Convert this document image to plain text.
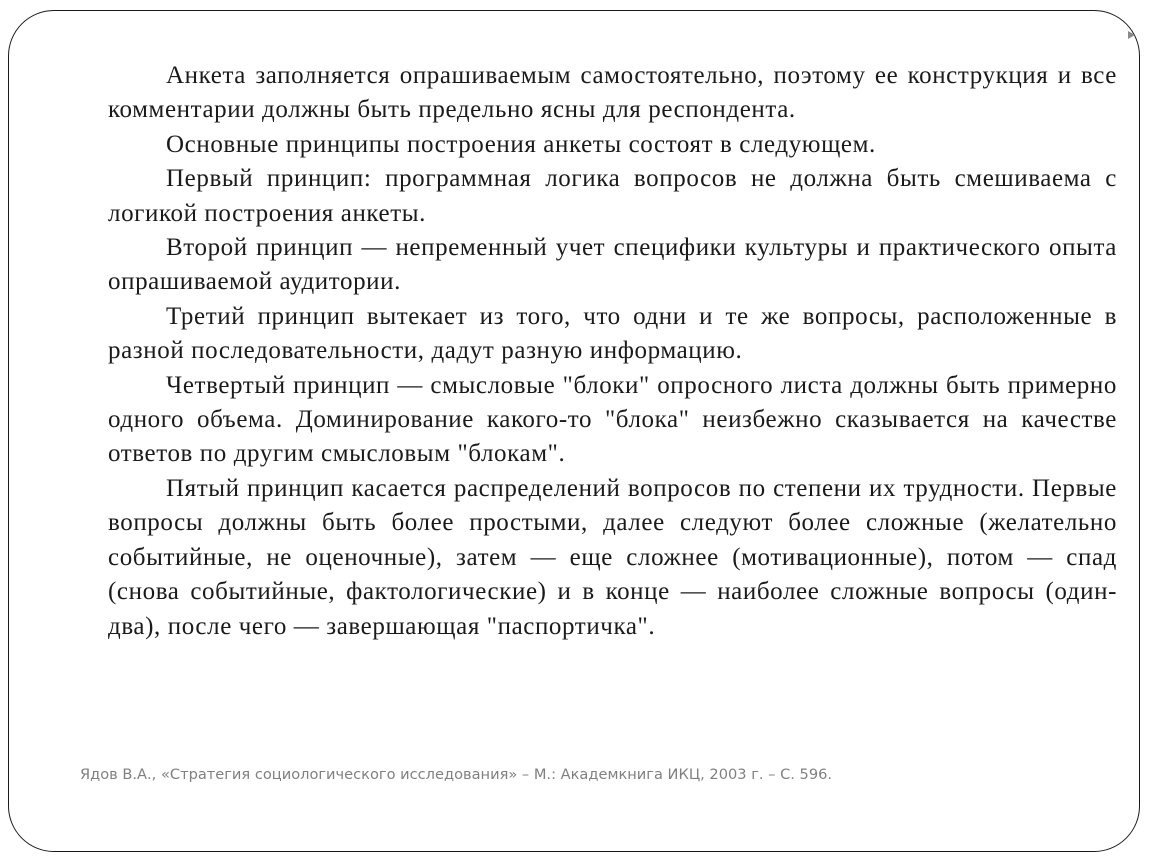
Анкета заполняется опрашиваемым самостоятельно, поэтому ее конструкция и все комментарии должны быть предельно ясны для респондента.

Основные принципы построения анкеты состоят в следующем.

Первый принцип: программная логика вопросов не должна быть смешиваема с логикой построения анкеты.

Второй принцип — непременный учет специфики культуры и практического опыта опрашиваемой аудитории.

Третий принцип вытекает из того, что одни и те же вопросы, расположенные в разной последовательности, дадут разную информацию.

Четвертый принцип — смысловые "блоки" опросного листа должны быть примерно одного объема. Доминирование какого-то "блока" неизбежно сказывается на качестве ответов по другим смысловым "блокам".

Пятый принцип касается распределений вопросов по степени их трудности. Первые вопросы должны быть более простыми, далее следуют более сложные (желательно событийные, не оценочные), затем — еще сложнее (мотивационные), потом — спад (снова событийные, фактологические) и в конце — наиболее сложные вопросы (один-два), после чего — завершающая "паспортичка".

Ядов В.А., «Стратегия социологического исследования» – М.: Академкнига ИКЦ, 2003 г. – С. 596.
